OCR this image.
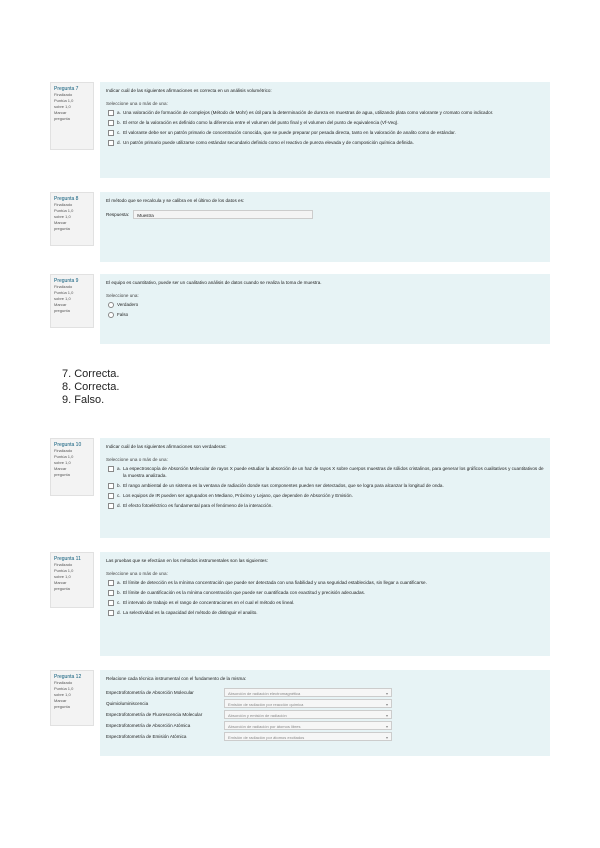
Pregunta 7
Finalizado
Puntúa 1,0
sobre 1,0
Marcar
pregunta
Indicar cuál de las siguientes afirmaciones es correcta en un análisis volumétrico:
Seleccione una o más de una:
a. Una valoración de formación de complejos (Método de Mohr) es útil para la determinación de dureza en muestras de agua, utilizando plata como valorante y cromato como indicador.
b. El error de la valoración es definido como la diferencia entre el volumen del punto final y el volumen del punto de equivalencia (Vf-Veq).
c. El valorante debe ser un patrón primario de concentración conocida, que se puede preparar por pesada directa, tanto en la valoración de analito como de estándar.
d. Un patrón primario puede utilizarse como estándar secundario definido como el reactivo de pureza elevada y de composición química definida.
Pregunta 8
Finalizado
Puntúa 1,0
sobre 1,0
Marcar
pregunta
El método que se recalcula y se calibra en el último de los datos es:
Respuesta:	Muestra
Pregunta 9
Finalizado
Puntúa 1,0
sobre 1,0
Marcar
pregunta
El equipo es cuantitativo, puede ser un cualitativo análisis de datos cuando se realiza la toma de muestra.
Seleccione una:
Verdadero
Falso
7. Correcta.
8. Correcta.
9. Falso.
Pregunta 10
Finalizado
Puntúa 1,0
sobre 1,0
Marcar
pregunta
Indicar cuál de las siguientes afirmaciones son verdaderas:
Seleccione una o más de una:
a. La espectroscopía de Absorción Molecular de rayos X puede estudiar la absorción de un haz de rayos X sobre cuerpos muestras de sólidos cristalinos, para generar los gráficos cualitativos y cuantitativos de la muestra analizada.
b. El rango ambiental de un sistema es la ventana de radiación donde sus componentes pueden ser detectados, que se logra para alcanzar la longitud de onda.
c. Los equipos de IR pueden ser agrupados en Mediano, Próximo y Lejano, que dependen de Absorción y Emisión.
d. El efecto fotoeléctrico es fundamental para el fenómeno de la interacción.
Pregunta 11
Finalizado
Puntúa 1,0
sobre 1,0
Marcar
pregunta
Las pruebas que se efectúan en los métodos instrumentales son las siguientes:
Seleccione una o más de una:
a. El límite de detección es la mínima concentración que puede ser detectada con una fiabilidad y una seguridad establecidas, sin llegar a cuantificarse.
b. El límite de cuantificación es la mínima concentración que puede ser cuantificada con exactitud y precisión adecuadas.
c. El intervalo de trabajo es el rango de concentraciones en el cual el método es lineal.
d. La selectividad es la capacidad del método de distinguir el analito.
Pregunta 12
Finalizado
Puntúa 1,0
sobre 1,0
Marcar
pregunta
Relacione cada técnica instrumental con el fundamento de la misma:
Espectrofotometría de Absorción Molecular	Absorción de radiación electromagnética	▾
Quimioluminiscencia	Emisión de radiación por reacción química	▾
Espectrofotometría de Fluorescencia Molecular	Absorción y emisión de radiación	▾
Espectrofotometría de Absorción Atómica	Absorción de radiación por átomos libres	▾
Espectrofotometría de Emisión Atómica	Emisión de radiación por átomos excitados	▾
